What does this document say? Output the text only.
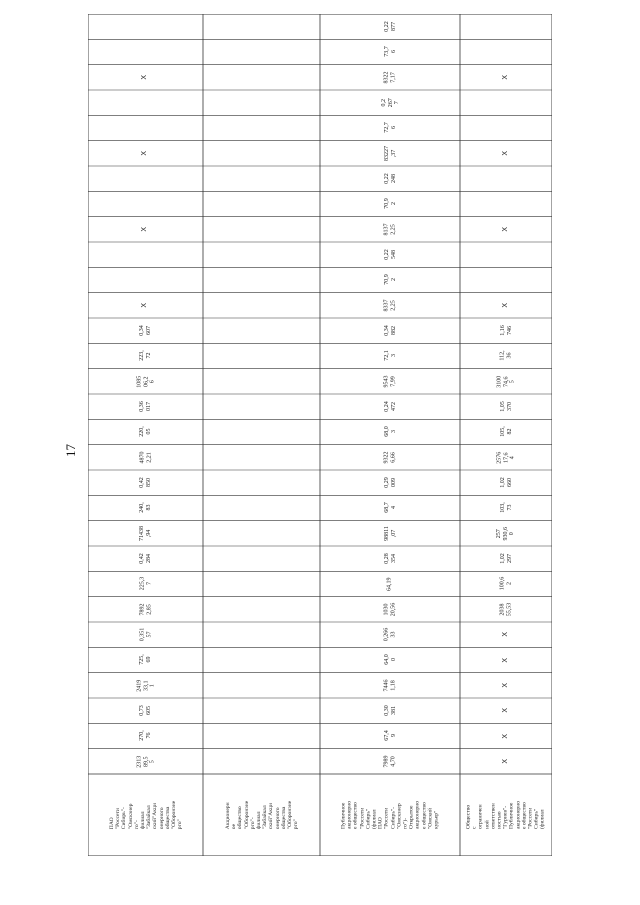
17
ПАО
"Россети
Сибирь"-
"Омскэнер
го"-
филиал
"Забайкал
ский"Акци
онерного
общества
"Оборонэне
рго"
2313
89,5
5
270,
76
0,73
605
2419
33,1
1
725,
69
0,351
57
7892
2,85
225,3
7
0,42
284
71438
,94
240,
83
0,42
850
4870
2,21
220,
05
0,36
017
1085
06,2
6
223,
72
0,34
607
X
X
X
X
Акционерн
ое
общество
"Оборонэне
рго"-
филиал
"Забайкал
ский"Акци
онерного
общества
"Оборонэне
рго"	Публичное
акционерно
е общество
"Россети
Сибирь"
(филиал
ПАО
"Россети
Сибирь"-
"Омскэнер
го")-
Открытое
акционерно
е общество
"Омский
курьер"
7989
4,70
67,4
9
0,30
381
7446
1,18
64,0
0
0,266
33
1030
20,56
64,19
0,28
354
98811
,07
68,7
4
0,29
009
9322
6,66
68,0
3
0,24
472
9543
7,99
72,1
3
0,34
882
8337
2,25
70,9
2
0,22
548
8137
2,25
70,9
2
0,22
248
83227
,37
72,7
6
0,2
267
7
8322
7,17
73,7
6
0,22
877
Общество
с
ограничен
ной
ответствен
ностью
"Гуриев"-
Публичное
акционерно
е общество
"Россети
Сибирь"
(филиал
X
X
X
X
X
X
2038
55,53
100,6
2
1,02
297
257
930,6
0
103,
73
1,02
660
2576
17,6
4
105,
82
1,05
370
3100
74,6
5
112,
36
1,16
746
X
X
X
X
